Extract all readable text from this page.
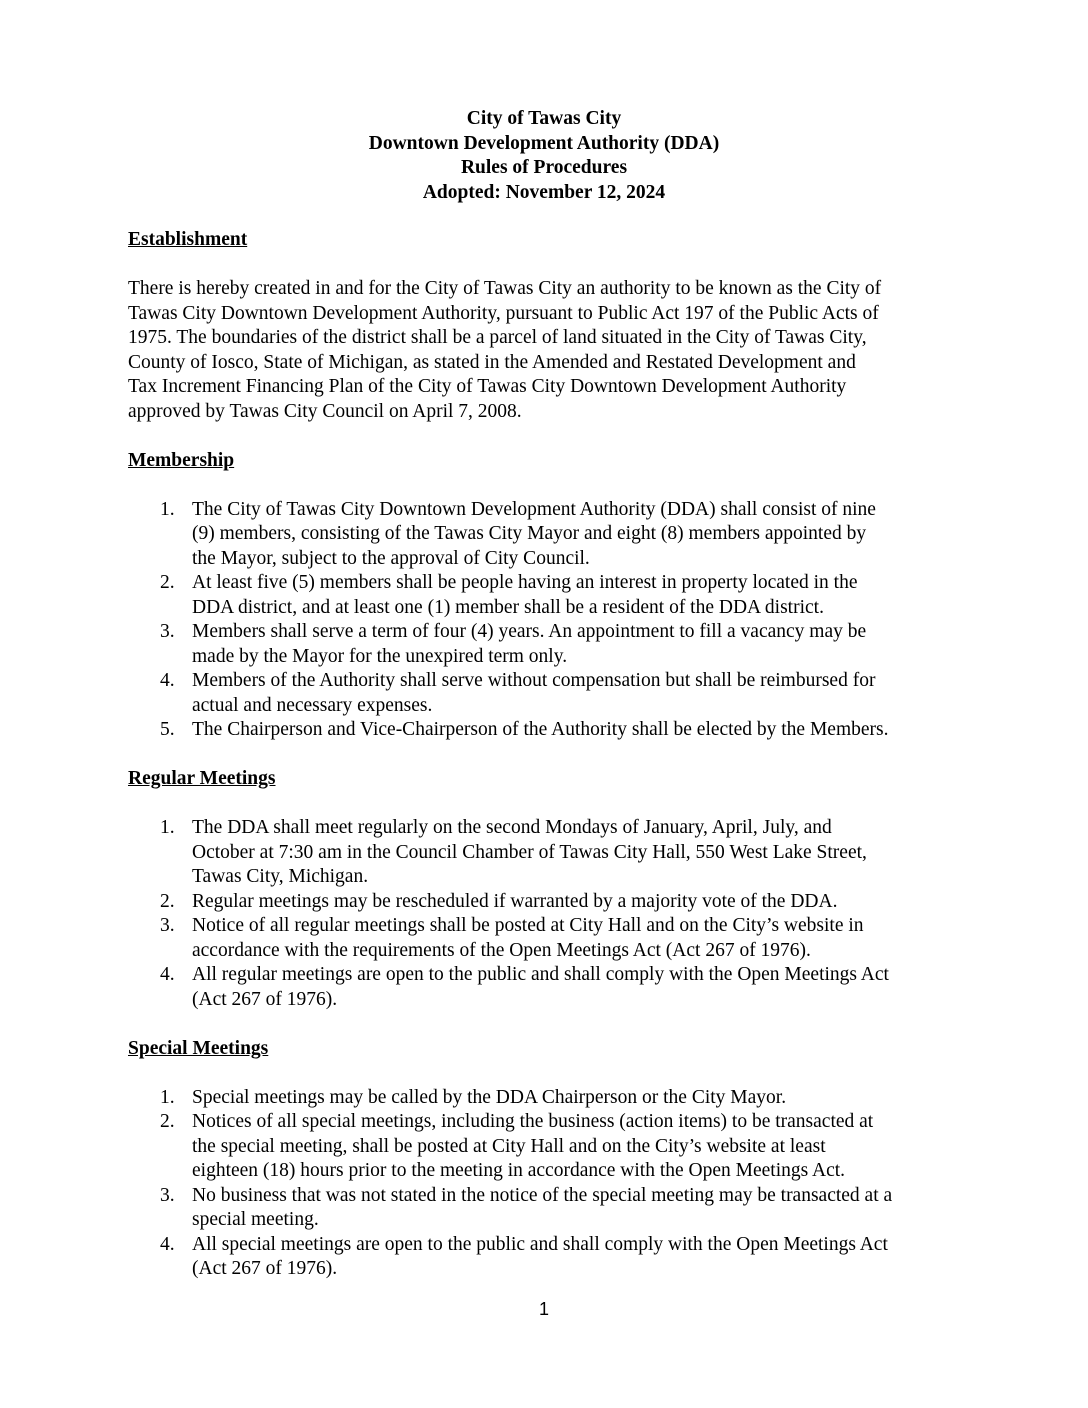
City of Tawas City
Downtown Development Authority (DDA)
Rules of Procedures
Adopted: November 12, 2024
Establishment
There is hereby created in and for the City of Tawas City an authority to be known as the City of
Tawas City Downtown Development Authority, pursuant to Public Act 197 of the Public Acts of
1975. The boundaries of the district shall be a parcel of land situated in the City of Tawas City,
County of Iosco, State of Michigan, as stated in the Amended and Restated Development and
Tax Increment Financing Plan of the City of Tawas City Downtown Development Authority
approved by Tawas City Council on April 7, 2008.
Membership
1. The City of Tawas City Downtown Development Authority (DDA) shall consist of nine
(9) members, consisting of the Tawas City Mayor and eight (8) members appointed by
the Mayor, subject to the approval of City Council.
2. At least five (5) members shall be people having an interest in property located in the
DDA district, and at least one (1) member shall be a resident of the DDA district.
3. Members shall serve a term of four (4) years. An appointment to fill a vacancy may be
made by the Mayor for the unexpired term only.
4. Members of the Authority shall serve without compensation but shall be reimbursed for
actual and necessary expenses.
5. The Chairperson and Vice-Chairperson of the Authority shall be elected by the Members.
Regular Meetings
1. The DDA shall meet regularly on the second Mondays of January, April, July, and
October at 7:30 am in the Council Chamber of Tawas City Hall, 550 West Lake Street,
Tawas City, Michigan.
2. Regular meetings may be rescheduled if warranted by a majority vote of the DDA.
3. Notice of all regular meetings shall be posted at City Hall and on the City’s website in
accordance with the requirements of the Open Meetings Act (Act 267 of 1976).
4. All regular meetings are open to the public and shall comply with the Open Meetings Act
(Act 267 of 1976).
Special Meetings
1. Special meetings may be called by the DDA Chairperson or the City Mayor.
2. Notices of all special meetings, including the business (action items) to be transacted at
the special meeting, shall be posted at City Hall and on the City’s website at least
eighteen (18) hours prior to the meeting in accordance with the Open Meetings Act.
3. No business that was not stated in the notice of the special meeting may be transacted at a
special meeting.
4. All special meetings are open to the public and shall comply with the Open Meetings Act
(Act 267 of 1976).
1
